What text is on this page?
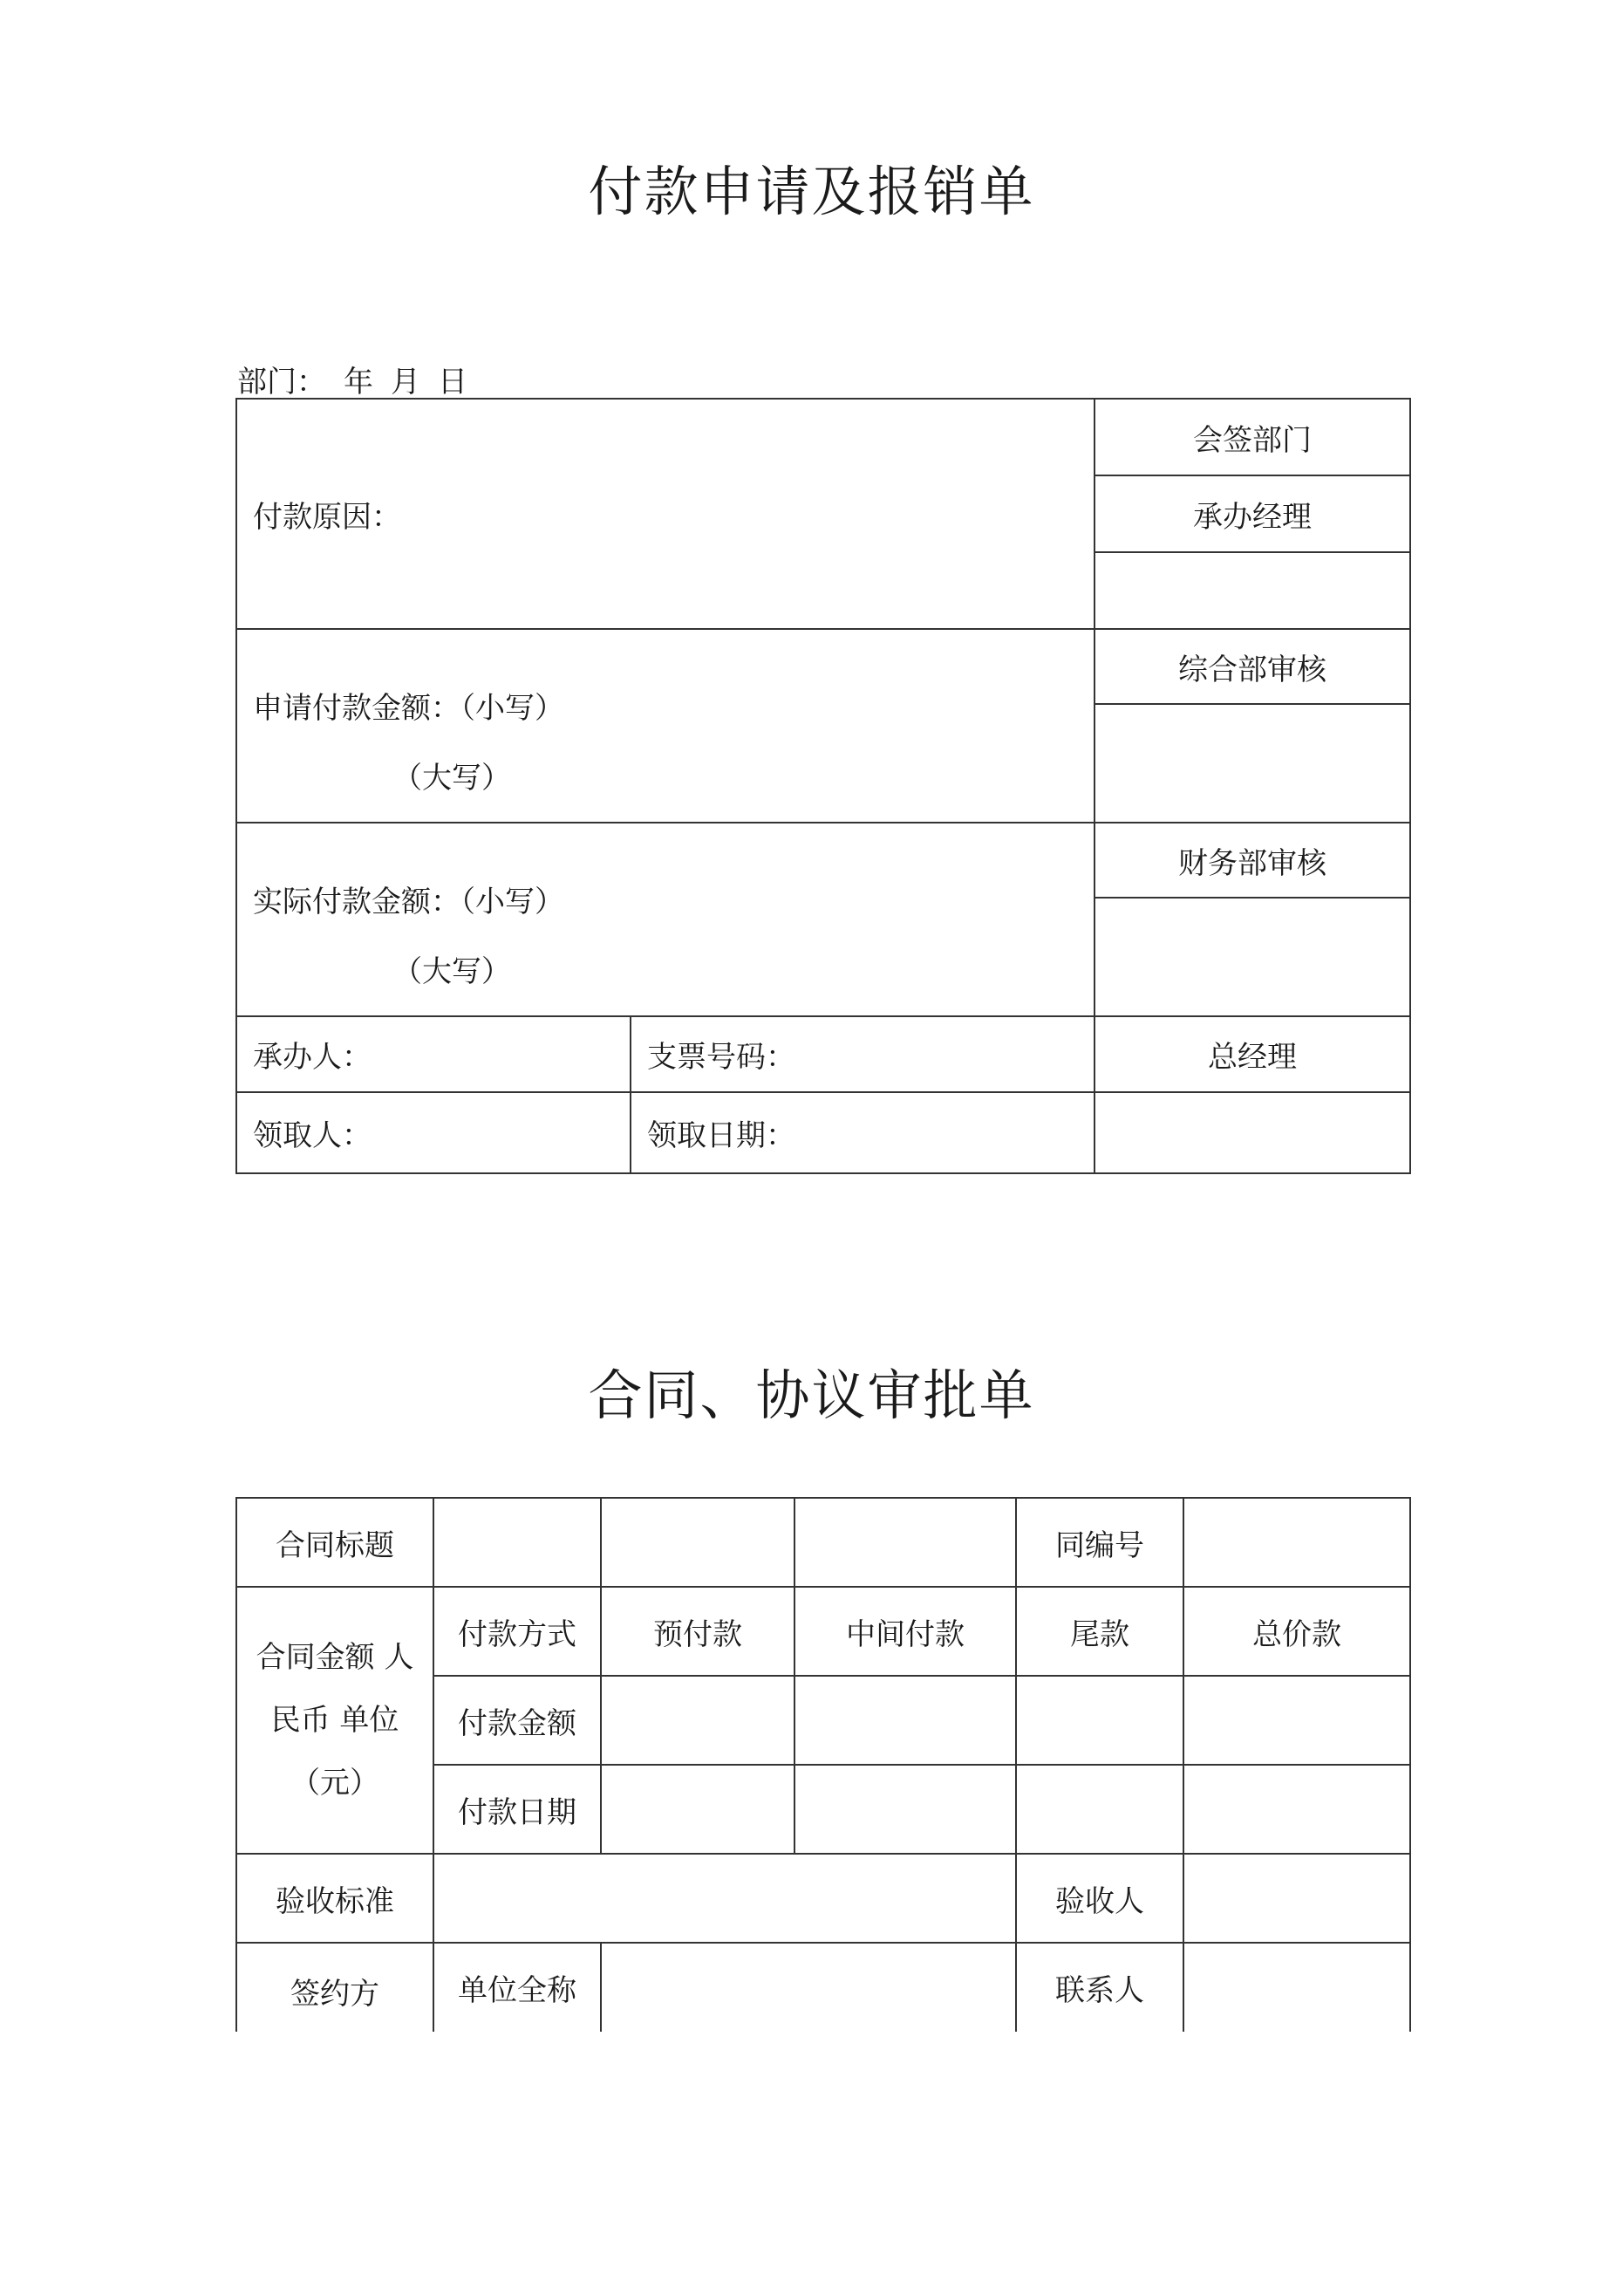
付款申请及报销单
部门： 年 月 日
付款原因：		会签部门
		承办经理

申请付款金额：（小写）
（大写）		综合部审核

实际付款金额：（小写）
（大写）		财务部审核

承办人：	支票号码：	总经理
领取人：	领取日期：	
合同、协议审批单
合同标题				同编号	
合同金额 人民币 单位（元）	付款方式	预付款	中间付款	尾款	总价款
	付款金额				
	付款日期				
验收标准				验收人	
签约方	单位全称			联系人	
